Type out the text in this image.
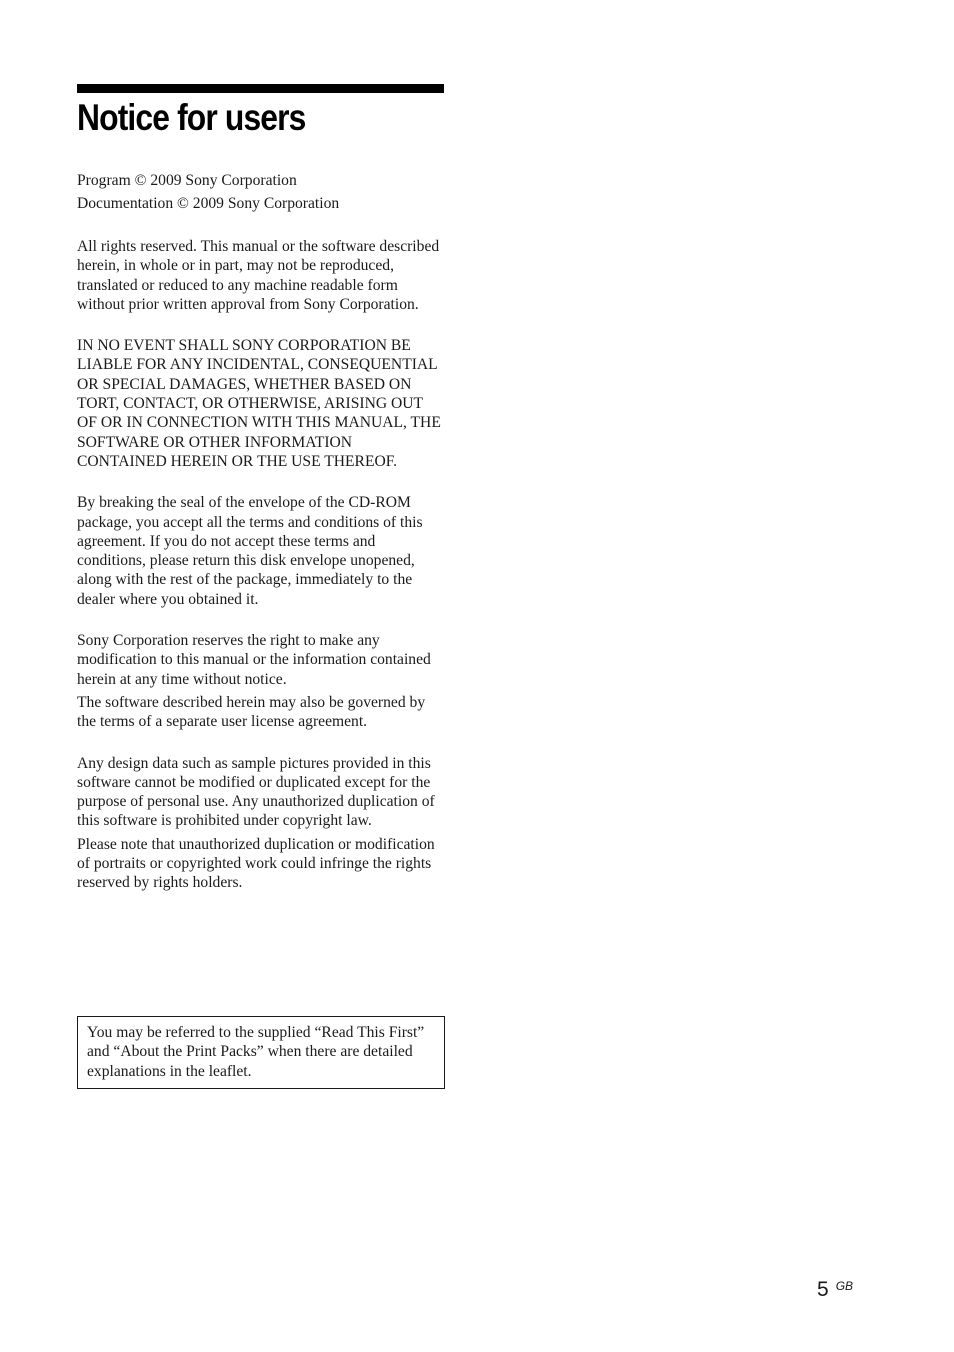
Notice for users

Program © 2009 Sony Corporation

Documentation © 2009 Sony Corporation

All rights reserved. This manual or the software described herein, in whole or in part, may not be reproduced, translated or reduced to any machine readable form without prior written approval from Sony Corporation.

IN NO EVENT SHALL SONY CORPORATION BE LIABLE FOR ANY INCIDENTAL, CONSEQUENTIAL OR SPECIAL DAMAGES, WHETHER BASED ON TORT, CONTACT, OR OTHERWISE, ARISING OUT OF OR IN CONNECTION WITH THIS MANUAL, THE SOFTWARE OR OTHER INFORMATION CONTAINED HEREIN OR THE USE THEREOF.

By breaking the seal of the envelope of the CD-ROM package, you accept all the terms and conditions of this agreement. If you do not accept these terms and conditions, please return this disk envelope unopened, along with the rest of the package, immediately to the dealer where you obtained it.

Sony Corporation reserves the right to make any modification to this manual or the information contained herein at any time without notice.

The software described herein may also be governed by the terms of a separate user license agreement.

Any design data such as sample pictures provided in this software cannot be modified or duplicated except for the purpose of personal use. Any unauthorized duplication of this software is prohibited under copyright law.

Please note that unauthorized duplication or modification of portraits or copyrighted work could infringe the rights reserved by rights holders.

You may be referred to the supplied “Read This First” and “About the Print Packs” when there are detailed explanations in the leaflet.

5 $^{GB}$
